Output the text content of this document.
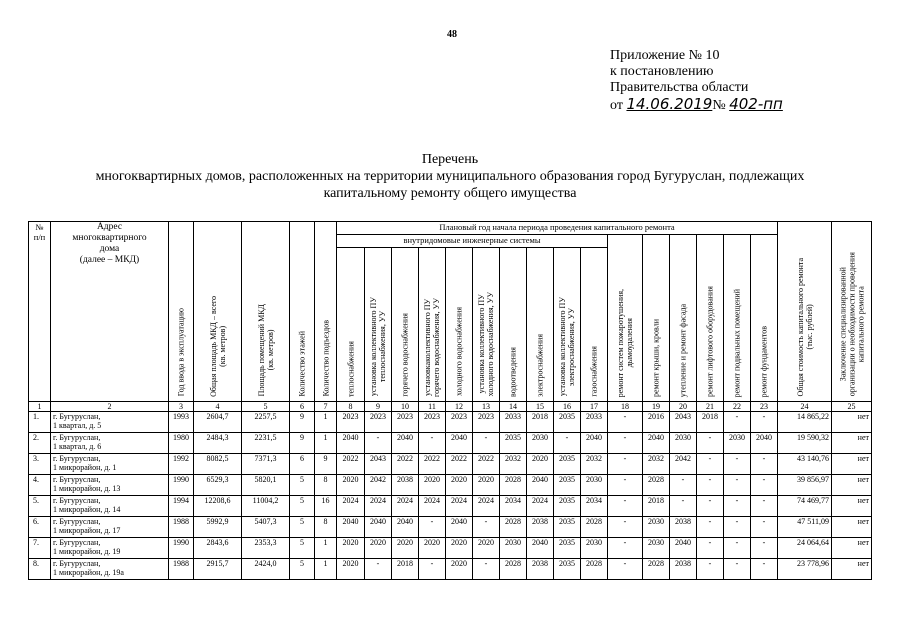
48
Приложение № 10
к постановлению
Правительства области
от 14.06.2019№ 402-пп
Перечень
многоквартирных домов, расположенных на территории муниципального образования город Бугуруслан, подлежащих
капитальному ремонту общего имущества
№
п/п	Адрес
многоквартирного
дома
(далее – МКД)	Год ввода в эксплуатацию	Общая площадь МКД – всего
(кв. метров)	Площадь помещений МКД
(кв. метров)	Количество этажей	Количество подъездов	Плановый год начала периода проведения капитального ремонта																Общая стоимость капитального ремонта
(тыс. рублей)	Заключение специализированной
организации о необходимости проведения
капитального ремонта

							внутридомовые инженерные системы										ремонт систем пожаротушения,
дымоудаления	ремонт крыши, кровли	утепление и ремонт фасада	ремонт лифтового оборудования	ремонт подвальных помещений	ремонт фундаментов		

							теплоснабжения	установка коллективного ПУ
теплоснабжения, УУ	горячего водоснабжения	установкаколлективного ПУ
горячего водоснабжения, УУ	холодного водоснабжения	установка коллективного ПУ
холодного водоснабжения, УУ	водоотведения	электроснабжения	установка коллективного ПУ
электроснабжения, УУ	газоснабжения								

1	2	3	4	5	6	7	8	9	10	11	12	13	14	15	16	17	18	19	20	21	22	23	24	25
1.	г. Бугуруслан,
1 квартал, д. 5	1993	2604,7	2257,5	9	1	2023	2023	2023	2023	2023	2023	2033	2018	2035	2033	-	2016	2043	2018	-	-	14 865,22	нет
2.	г. Бугуруслан,
1 квартал, д. 6	1980	2484,3	2231,5	9	1	2040	-	2040	-	2040	-	2035	2030	-	2040	-	2040	2030	-	2030	2040	19 590,32	нет
3.	г. Бугуруслан,
1 микрорайон, д. 1	1992	8082,5	7371,3	6	9	2022	2043	2022	2022	2022	2022	2032	2020	2035	2032	-	2032	2042	-	-	-	43 140,76	нет
4.	г. Бугуруслан,
1 микрорайон, д. 13	1990	6529,3	5820,1	5	8	2020	2042	2038	2020	2020	2020	2028	2040	2035	2030	-	2028	-	-	-	-	39 856,97	нет
5.	г. Бугуруслан,
1 микрорайон, д. 14	1994	12208,6	11004,2	5	16	2024	2024	2024	2024	2024	2024	2034	2024	2035	2034	-	2018	-	-	-	-	74 469,77	нет
6.	г. Бугуруслан,
1 микрорайон, д. 17	1988	5992,9	5407,3	5	8	2040	2040	2040	-	2040	-	2028	2038	2035	2028	-	2030	2038	-	-	-	47 511,09	нет
7.	г. Бугуруслан,
1 микрорайон, д. 19	1990	2843,6	2353,3	5	1	2020	2020	2020	2020	2020	2020	2030	2040	2035	2030	-	2030	2040	-	-	-	24 064,64	нет
8.	г. Бугуруслан,
1 микрорайон, д. 19а	1988	2915,7	2424,0	5	1	2020	-	2018	-	2020	-	2028	2038	2035	2028	-	2028	2038	-	-	-	23 778,96	нет
